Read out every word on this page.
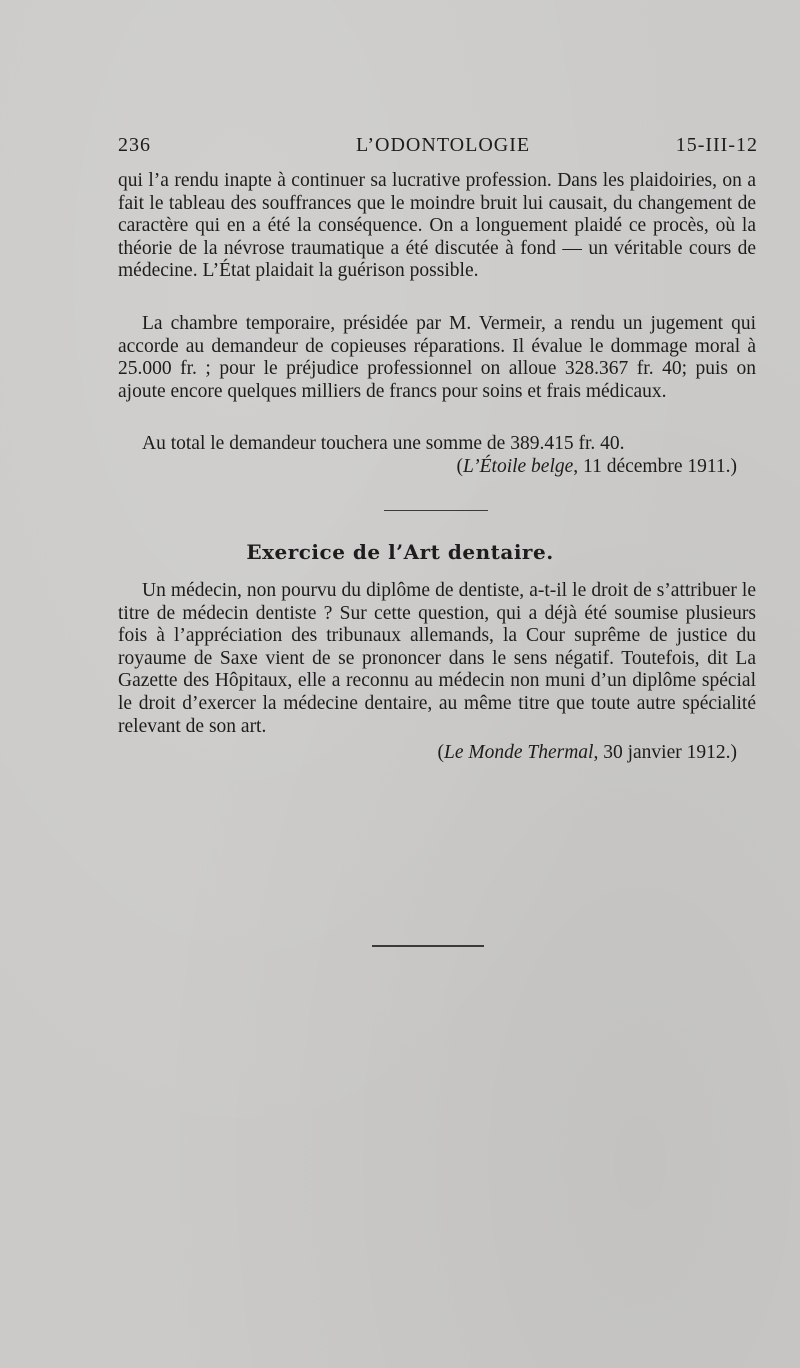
236	L’ODONTOLOGIE	15-III-12

qui l’a rendu inapte à continuer sa lucrative profession. Dans les plaidoiries, on a fait le tableau des souffrances que le moindre bruit lui causait, du changement de caractère qui en a été la conséquence. On a longuement plaidé ce procès, où la théorie de la névrose traumatique a été discutée à fond — un véritable cours de médecine. L’État plaidait la guérison possible.

La chambre temporaire, présidée par M. Vermeir, a rendu un jugement qui accorde au demandeur de copieuses réparations. Il évalue le dommage moral à 25.000 fr. ; pour le préjudice professionnel on alloue 328.367 fr. 40; puis on ajoute encore quelques milliers de francs pour soins et frais médicaux.

Au total le demandeur touchera une somme de 389.415 fr. 40.

(L’Étoile belge, 11 décembre 1911.)
Exercice de l’Art dentaire.

Un médecin, non pourvu du diplôme de dentiste, a-t-il le droit de s’attribuer le titre de médecin dentiste ? Sur cette question, qui a déjà été soumise plusieurs fois à l’appréciation des tribunaux allemands, la Cour suprême de justice du royaume de Saxe vient de se prononcer dans le sens négatif. Toutefois, dit La Gazette des Hôpitaux, elle a reconnu au médecin non muni d’un diplôme spécial le droit d’exercer la médecine dentaire, au même titre que toute autre spécialité relevant de son art.

(Le Monde Thermal, 30 janvier 1912.)
